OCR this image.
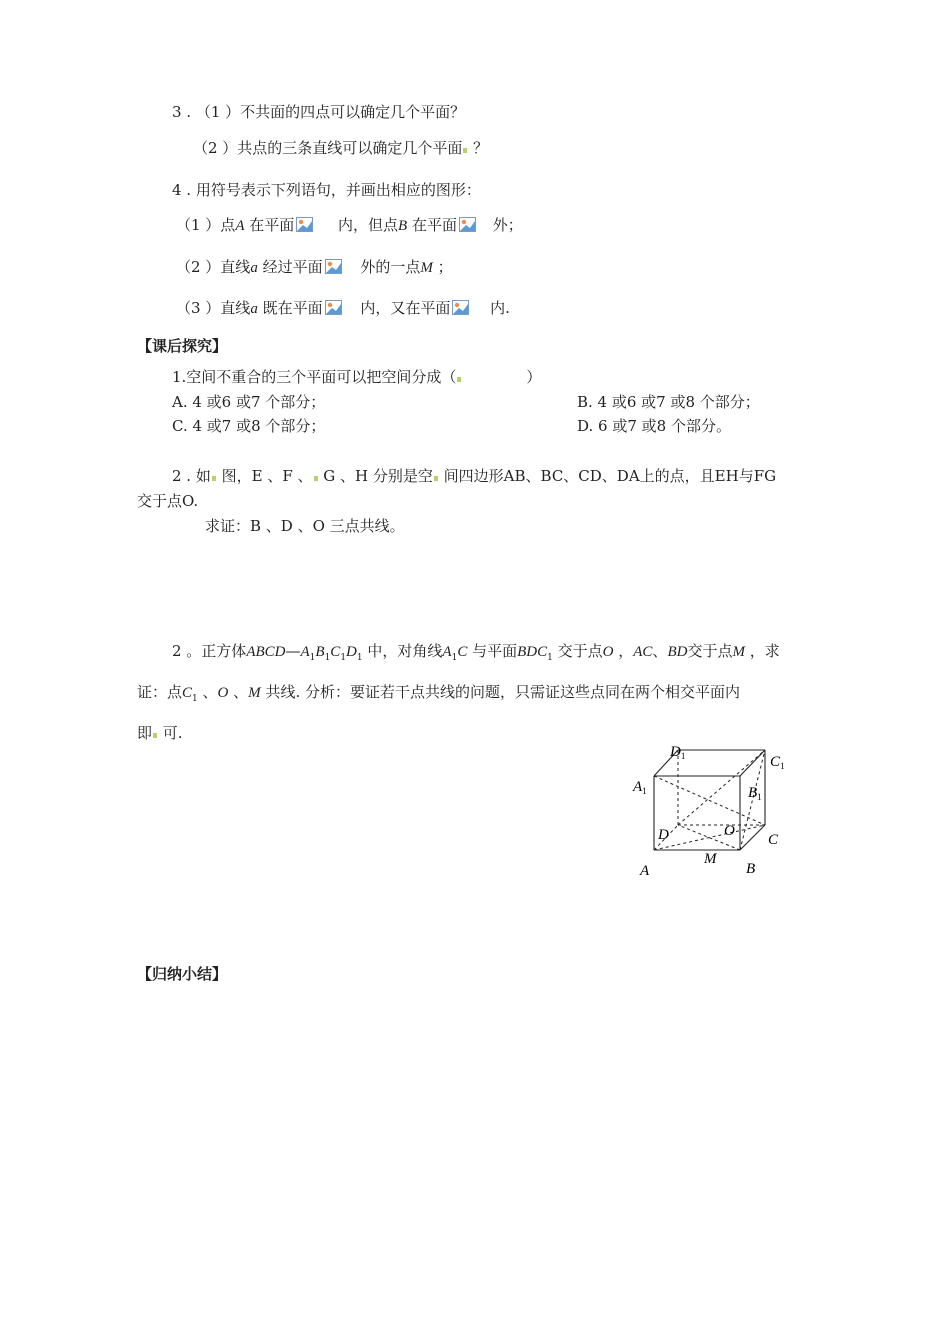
3 . （1 ）不共面的四点可以确定几个平面？
（2 ）共点的三条直线可以确定几个平面 ？
4 . 用符号表示下列语句，并画出相应的图形：
（1 ）点A 在平面	内，但点B 在平面 外；
（2 ）直线a 经过平面 外的一点M ；
（3 ）直线a 既在平面 内，又在平面 内.
【课后探究】
1.空间不重合的三个平面可以把空间分成（	）
A. 4 或6 或7 个部分；	B. 4 或6 或7 或8 个部分；
C. 4 或7 或8 个部分；	D. 6 或7 或8 个部分。
2 . 如 图，E 、F 、 G 、H 分别是空 间四边形AB、BC、CD、DA上的点，且EH与FG
交于点O.
求证：B 、D 、O 三点共线。
2 。正方体$ABCD—A_1B_1C_1D_1$ 中，对角线$A_1C$ 与平面$BDC_1$ 交于点O ，AC、BD交于点M ，求
证：点$C_1$ 、O 、M 共线. 分析：要证若干点共线的问题，只需证这些点同在两个相交平面内
即 可.
$D_1$	$C_1$
$A_1$	$B_1$
D	O
C
M
A	B
【归纳小结】
